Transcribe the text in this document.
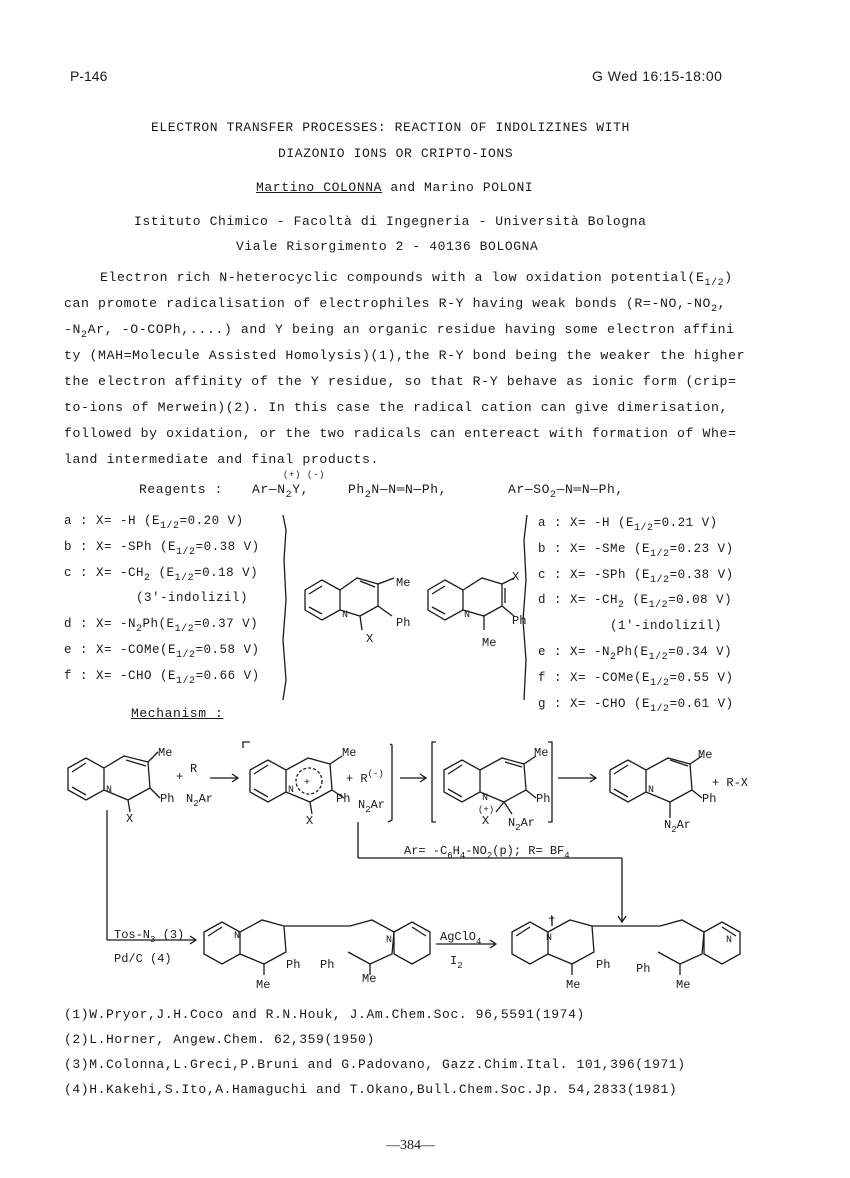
P-146	G Wed 16:15-18:00
ELECTRON TRANSFER PROCESSES: REACTION OF INDOLIZINES WITH
DIAZONIO IONS OR CRIPTO-IONS
Martino COLONNA and Marino POLONI
Istituto Chimico - Facoltà di Ingegneria - Università Bologna
Viale Risorgimento 2 - 40136 BOLOGNA
Electron rich N-heterocyclic compounds with a low oxidation $potential(E_{1/2})$
can promote radicalisation of electrophiles R-Y having weak bonds ($R=-NO,-NO_2$,
$-N_2Ar$, -O-COPh,....) and Y being an organic residue having some electron affini
ty (MAH=Molecule Assisted Homolysis)(1),the R-Y bond being the weaker the higher
the electron affinity of the Y residue, so that R-Y behave as ionic form (crip=
to-ions of Merwein)(2). In this case the radical cation can give dimerisation,
followed by oxidation, or the two radicals can entereact with formation of Whe=
land intermediate and final products.
Reagents :
(+) (-)
$Ar—N_2Y$,	$Ph_2N—N═N—Ph$,	$Ar—SO_2—N═N—Ph$,
a : X= -H ($E_{1/2}=0.20$ V)
b : X= -SPh ($E_{1/2}=0.38$ V)
c : $X= -CH_2$ ($E_{1/2}=0.18$ V)
(3'-indolizil)
d : $X= -N_2Ph(E_{1/2}=0.37$ V)
e : $X= -COMe(E_{1/2}=0.58$ V)
f : X= -CHO ($E_{1/2}=0.66$ V)
a : X= -H ($E_{1/2}=0.21$ V)
b : X= -SMe ($E_{1/2}=0.23$ V)
c : X= -SPh ($E_{1/2}=0.38$ V)
d : $X= -CH_2$ ($E_{1/2}=0.08$ V)
(1'-indolizil)
e : $X= -N_2Ph(E_{1/2}=0.34$ V)
f : $X= -COMe(E_{1/2}=0.55$ V)
g : X= -CHO ($E_{1/2}=0.61$ V)
Me
Ph
X
N
X
Ph
Me
N
Me
Ph
X
N
+
R
$N_2Ar$
Me
Ph
X
N
+	+ R(-)
$N_2Ar$
Me
Ph
N
(+)
X $N_2Ar$
Me
Ph
N
+ R-X
$N_2Ar$
$Ar= -C_6H_4-NO_2(p)$; $R= BF_4$
Tos-$N_3$ (3)
Pd/C (4)
N
Me
Ph Ph
Me
N	AgClO$_4$
$I_2$
N
+
Me
Ph Ph
Me
N
Mechanism :
(1)W.Pryor,J.H.Coco and R.N.Houk, J.Am.Chem.Soc. 96,5591(1974)
(2)L.Horner, Angew.Chem. 62,359(1950)
(3)M.Colonna,L.Greci,P.Bruni and G.Padovano, Gazz.Chim.Ital. 101,396(1971)
(4)H.Kakehi,S.Ito,A.Hamaguchi and T.Okano,Bull.Chem.Soc.Jp. 54,2833(1981)
—384—
